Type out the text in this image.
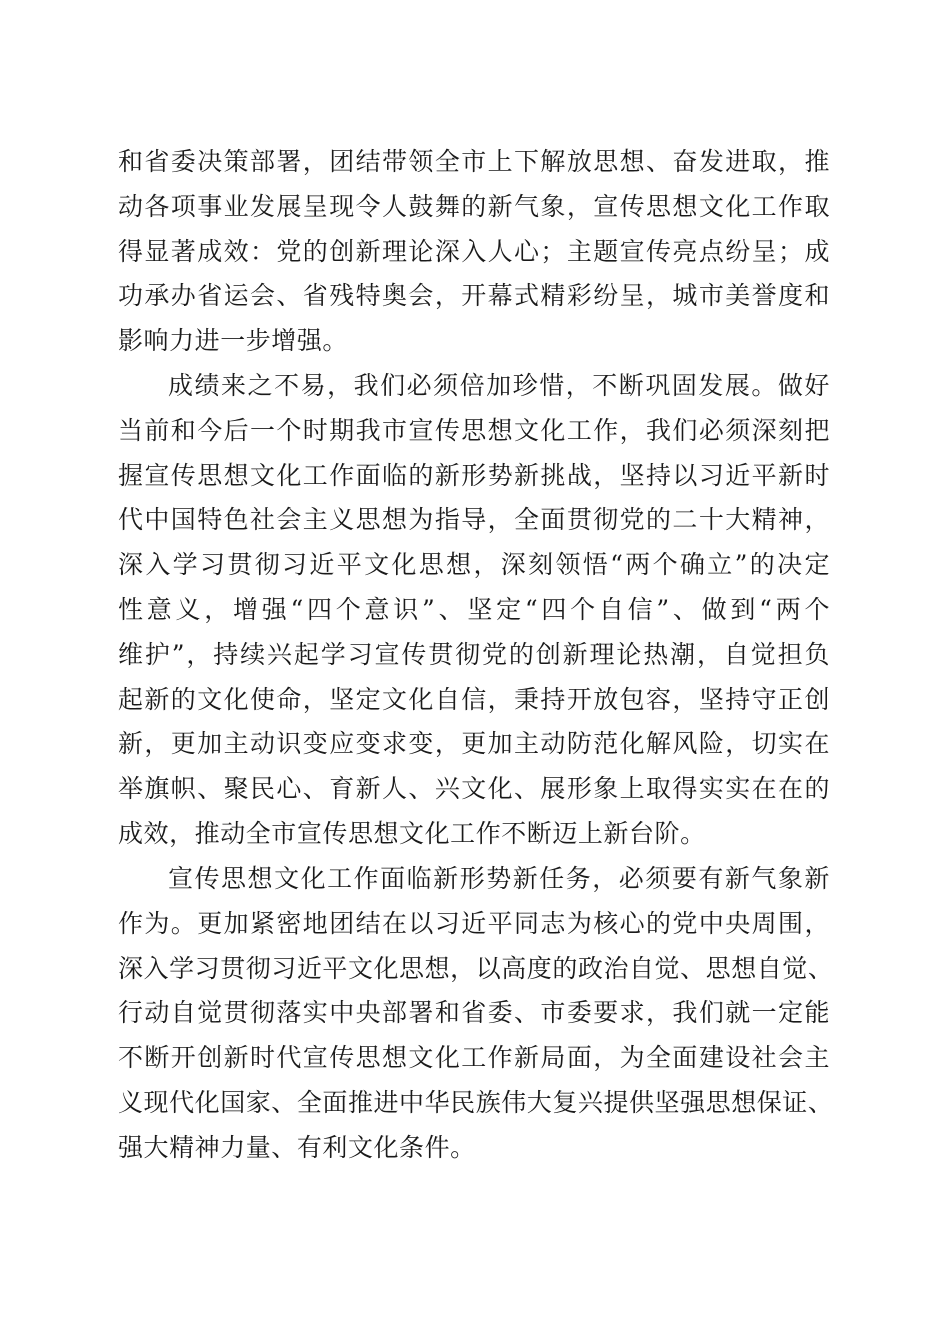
和省委决策部署，团结带领全市上下解放思想、奋发进取，推
动各项事业发展呈现令人鼓舞的新气象，宣传思想文化工作取
得显著成效：党的创新理论深入人心；主题宣传亮点纷呈；成
功承办省运会、省残特奥会，开幕式精彩纷呈，城市美誉度和
影响力进一步增强。
成绩来之不易，我们必须倍加珍惜，不断巩固发展。做好
当前和今后一个时期我市宣传思想文化工作，我们必须深刻把
握宣传思想文化工作面临的新形势新挑战，坚持以习近平新时
代中国特色社会主义思想为指导，全面贯彻党的二十大精神，
深入学习贯彻习近平文化思想，深刻领悟“两个确立”的决定
性意义，增强“四个意识”、坚定“四个自信”、做到“两个
维护”，持续兴起学习宣传贯彻党的创新理论热潮，自觉担负
起新的文化使命，坚定文化自信，秉持开放包容，坚持守正创
新，更加主动识变应变求变，更加主动防范化解风险，切实在
举旗帜、聚民心、育新人、兴文化、展形象上取得实实在在的
成效，推动全市宣传思想文化工作不断迈上新台阶。
宣传思想文化工作面临新形势新任务，必须要有新气象新
作为。更加紧密地团结在以习近平同志为核心的党中央周围，
深入学习贯彻习近平文化思想，以高度的政治自觉、思想自觉、
行动自觉贯彻落实中央部署和省委、市委要求，我们就一定能
不断开创新时代宣传思想文化工作新局面，为全面建设社会主
义现代化国家、全面推进中华民族伟大复兴提供坚强思想保证、
强大精神力量、有利文化条件。
